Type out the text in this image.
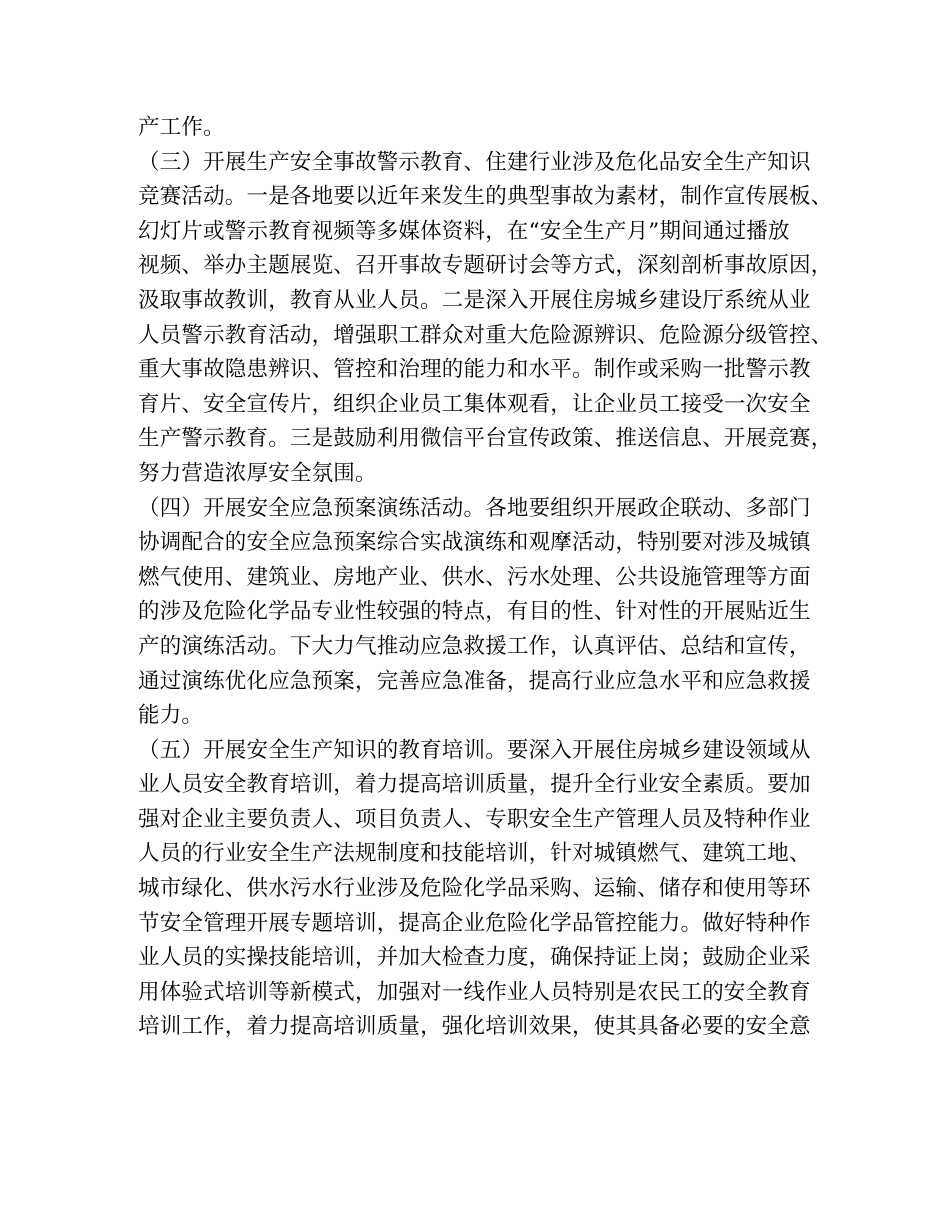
产工作。
（三）开展生产安全事故警示教育、住建行业涉及危化品安全生产知识
竞赛活动。一是各地要以近年来发生的典型事故为素材，制作宣传展板、
幻灯片或警示教育视频等多媒体资料，在“安全生产月”期间通过播放
视频、举办主题展览、召开事故专题研讨会等方式，深刻剖析事故原因，
汲取事故教训，教育从业人员。二是深入开展住房城乡建设厅系统从业
人员警示教育活动，增强职工群众对重大危险源辨识、危险源分级管控、
重大事故隐患辨识、管控和治理的能力和水平。制作或采购一批警示教
育片、安全宣传片，组织企业员工集体观看，让企业员工接受一次安全
生产警示教育。三是鼓励利用微信平台宣传政策、推送信息、开展竞赛，
努力营造浓厚安全氛围。
（四）开展安全应急预案演练活动。各地要组织开展政企联动、多部门
协调配合的安全应急预案综合实战演练和观摩活动，特别要对涉及城镇
燃气使用、建筑业、房地产业、供水、污水处理、公共设施管理等方面
的涉及危险化学品专业性较强的特点，有目的性、针对性的开展贴近生
产的演练活动。下大力气推动应急救援工作，认真评估、总结和宣传，
通过演练优化应急预案，完善应急准备，提高行业应急水平和应急救援
能力。
（五）开展安全生产知识的教育培训。要深入开展住房城乡建设领域从
业人员安全教育培训，着力提高培训质量，提升全行业安全素质。要加
强对企业主要负责人、项目负责人、专职安全生产管理人员及特种作业
人员的行业安全生产法规制度和技能培训，针对城镇燃气、建筑工地、
城市绿化、供水污水行业涉及危险化学品采购、运输、储存和使用等环
节安全管理开展专题培训，提高企业危险化学品管控能力。做好特种作
业人员的实操技能培训，并加大检查力度，确保持证上岗；鼓励企业采
用体验式培训等新模式，加强对一线作业人员特别是农民工的安全教育
培训工作，着力提高培训质量，强化培训效果，使其具备必要的安全意
